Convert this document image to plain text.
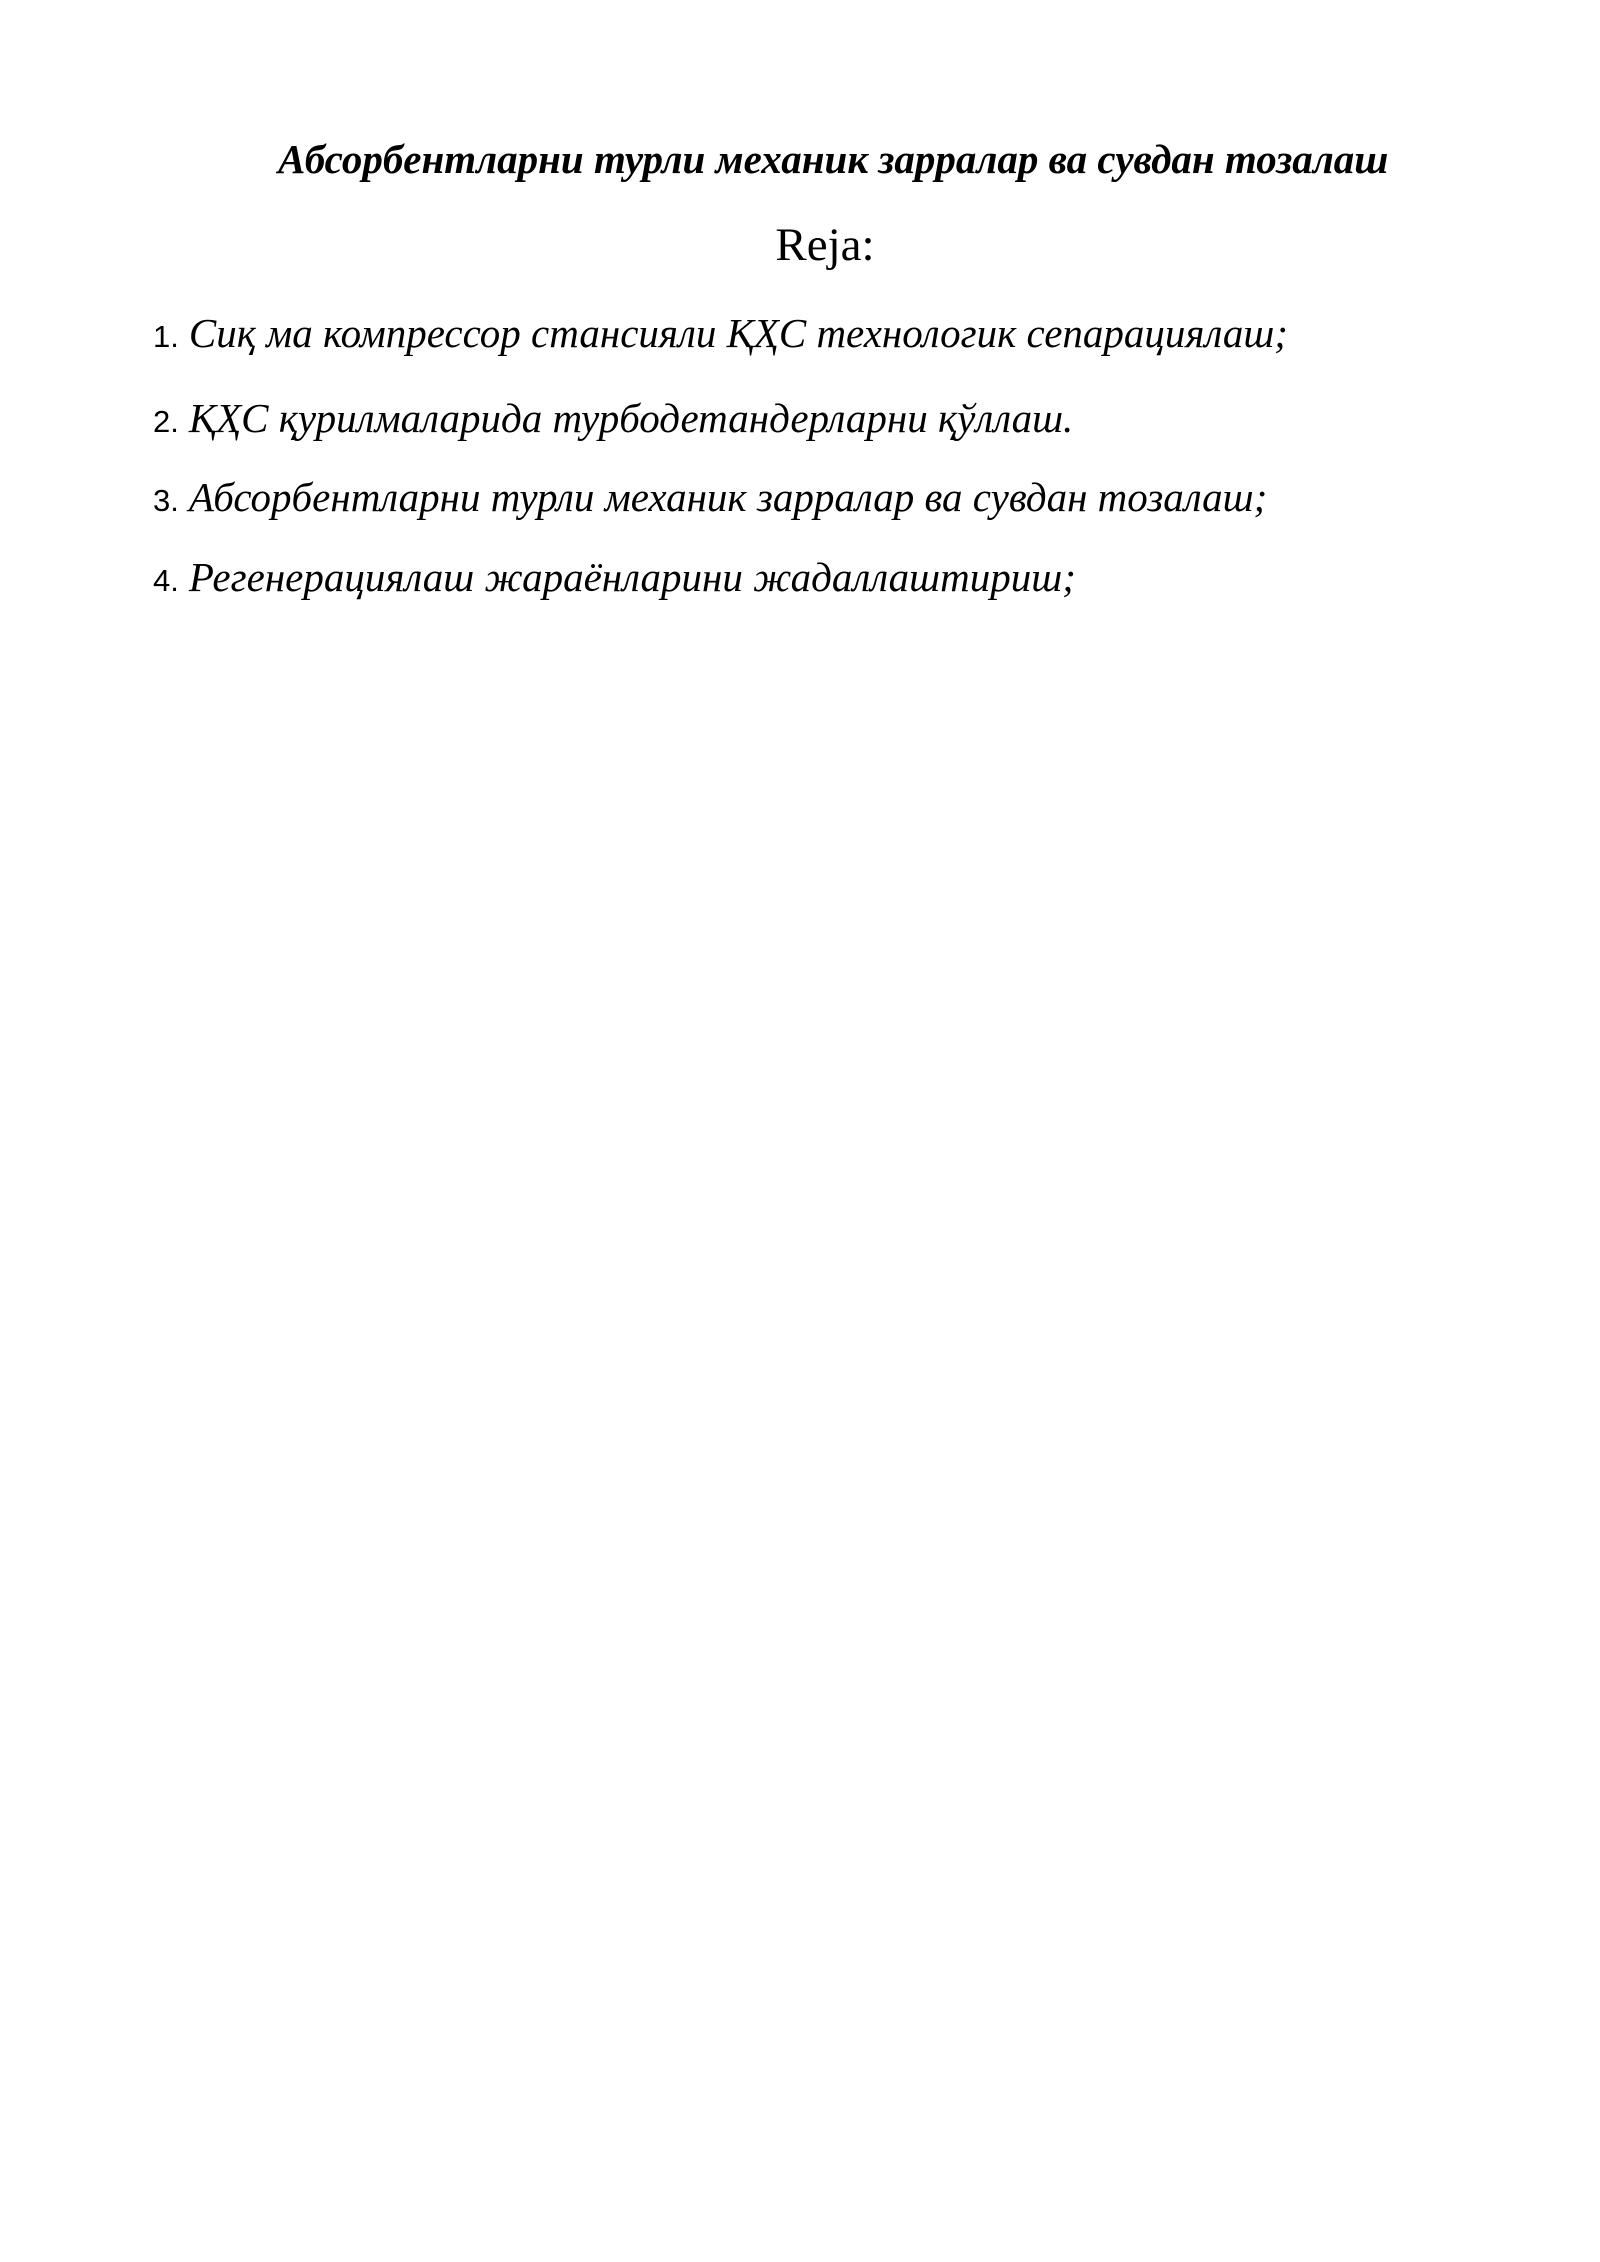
Абсорбентларни турли механик зарралар ва сувдан тозалаш
Reja:

1. Сиқ ма компрессор стансияли ҚҲС технологик сепарациялаш;

2. ҚҲС қурилмаларида турбодетандерларни қўллаш.

3. Абсорбентларни турли механик зарралар ва сувдан тозалаш;

4. Регенерациялаш жараёнларини жадаллаштириш;
